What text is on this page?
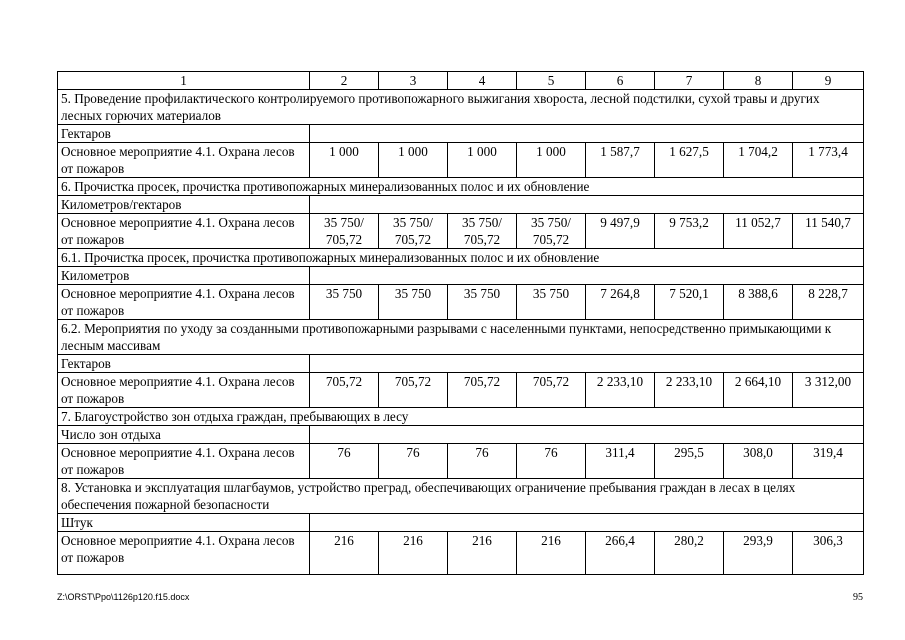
1	2	3	4	5	6	7	8	9
5. Проведение профилактического контролируемого противопожарного выжигания хворостa, лесной подстилки, сухой травы и других лесных горючих материалов								
Гектаров								
Основное мероприятие 4.1. Охрана лесов от пожаров	1 000	1 000	1 000	1 000	1 587,7	1 627,5	1 704,2	1 773,4
6. Прочистка просек, прочистка противопожарных минерализованных полос и их обновление								
Километров/гектаров								
Основное мероприятие 4.1. Охрана лесов от пожаров	35 750/ 705,72	35 750/ 705,72	35 750/ 705,72	35 750/ 705,72	9 497,9	9 753,2	11 052,7	11 540,7
6.1. Прочистка просек, прочистка противопожарных минерализованных полос и их обновление								
Километров								
Основное мероприятие 4.1. Охрана лесов от пожаров	35 750	35 750	35 750	35 750	7 264,8	7 520,1	8 388,6	8 228,7
6.2. Мероприятия по уходу за созданными противопожарными разрывами с населенными пунктами, непосредственно примыкающими к лесным массивам								
Гектаров								
Основное мероприятие 4.1. Охрана лесов от пожаров	705,72	705,72	705,72	705,72	2 233,10	2 233,10	2 664,10	3 312,00
7. Благоустройство зон отдыха граждан, пребывающих в лесу								
Число зон отдыха								
Основное мероприятие 4.1. Охрана лесов от пожаров	76	76	76	76	311,4	295,5	308,0	319,4
8. Установка и эксплуатация шлагбаумов, устройство преград, обеспечивающих ограничение пребывания граждан в лесах в целях обеспечения пожарной безопасности								
Штук								
Основное мероприятие 4.1. Охрана лесов от пожаров	216	216	216	216	266,4	280,2	293,9	306,3
Z:\ORST\Ppo\1126p120.f15.docx	95
